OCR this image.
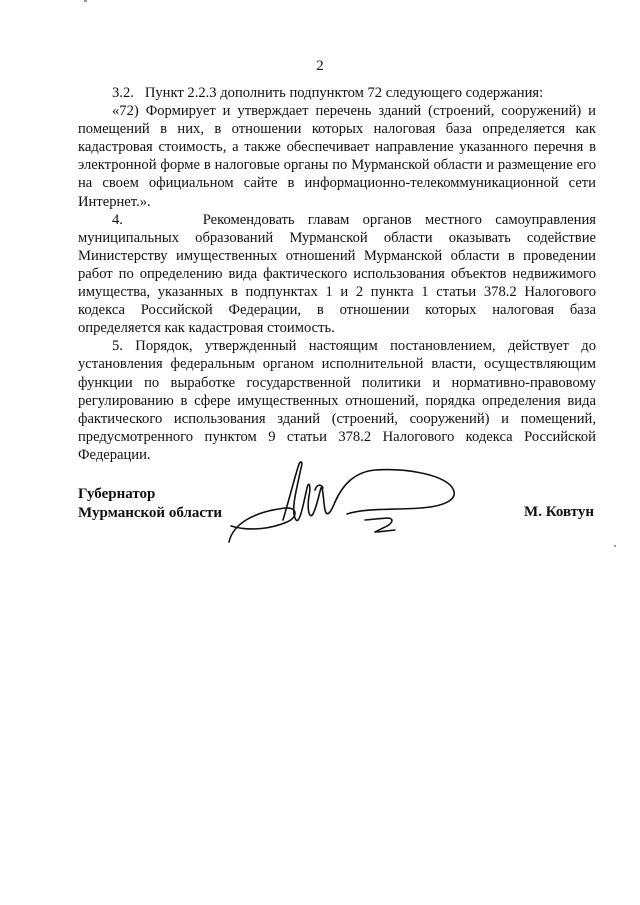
2

3.2.   Пункт 2.2.3 дополнить подпунктом 72 следующего содержания:

«72) Формирует и утверждает перечень зданий (строений, сооружений) и помещений в них, в отношении которых налоговая база определяется как кадастровая стоимость, а также обеспечивает направление указанного перечня в электронной форме в налоговые органы по Мурманской области и размещение его на своем официальном сайте в информационно-телекоммуникационной сети Интернет.».

4.      Рекомендовать главам органов местного самоуправления муниципальных образований Мурманской области оказывать содействие Министерству имущественных отношений Мурманской области в проведении работ по определению вида фактического использования объектов недвижимого имущества, указанных в подпунктах 1 и 2 пункта 1 статьи 378.2 Налогового кодекса Российской Федерации, в отношении которых налоговая база определяется как кадастровая стоимость.

5. Порядок, утвержденный настоящим постановлением, действует до установления федеральным органом исполнительной власти, осуществляющим функции по выработке государственной политики и нормативно-правовому регулированию в сфере имущественных отношений, порядка определения вида фактического использования зданий (строений, сооружений) и помещений, предусмотренного пунктом 9 статьи 378.2 Налогового кодекса Российской Федерации.

Губернатор
Мурманской области	М. Ковтун
